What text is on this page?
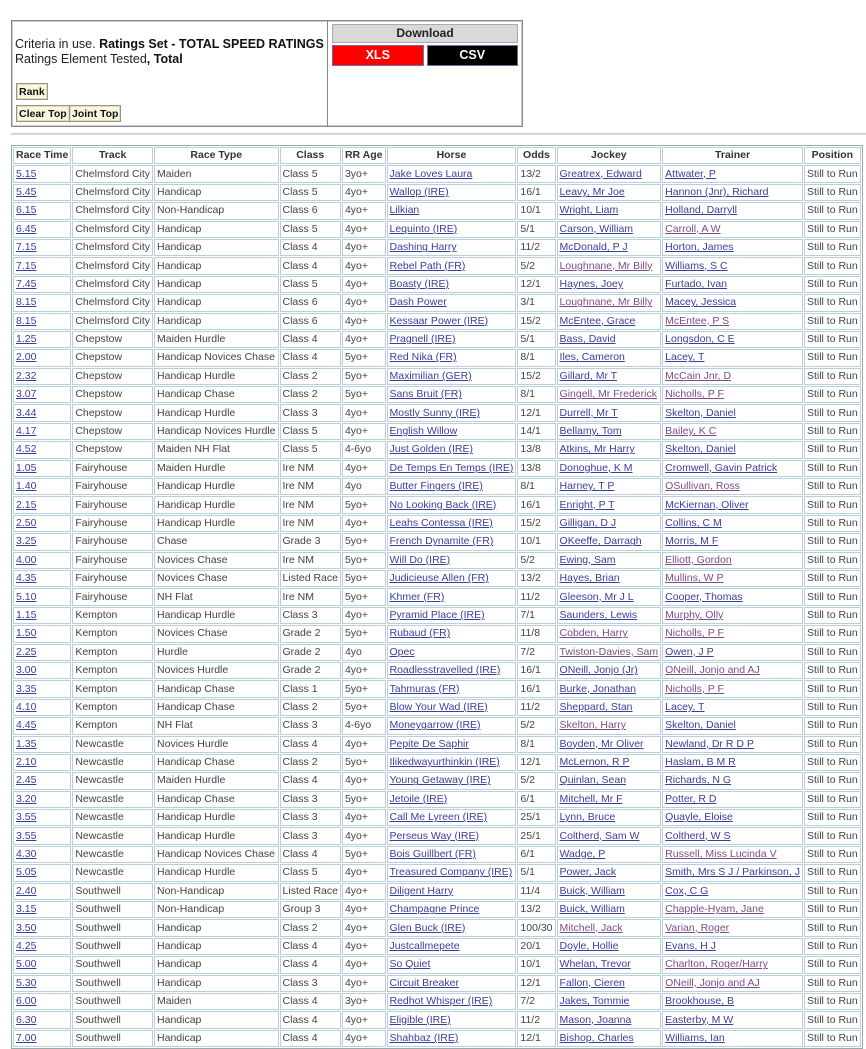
Criteria in use. Ratings Set - TOTAL SPEED RATINGS
Ratings Element Tested, Total
Rank
Clear Top Joint Top
Download
XLS	CSV
Race Time	Track	Race Type	Class	RR Age	Horse	Odds	Jockey	Trainer	Position
5.15	Chelmsford City	Maiden	Class 5	3yo+	Jake Loves Laura	13/2	Greatrex, Edward	Attwater, P	Still to Run
5.45	Chelmsford City	Handicap	Class 5	4yo+	Wallop (IRE)	16/1	Leavy, Mr Joe	Hannon (Jnr), Richard	Still to Run
6.15	Chelmsford City	Non-Handicap	Class 6	4yo+	Lilkian	10/1	Wright, Liam	Holland, Darryll	Still to Run
6.45	Chelmsford City	Handicap	Class 5	4yo+	Lequinto (IRE)	5/1	Carson, William	Carroll, A W	Still to Run
7.15	Chelmsford City	Handicap	Class 4	4yo+	Dashing Harry	11/2	McDonald, P J	Horton, James	Still to Run
7.15	Chelmsford City	Handicap	Class 4	4yo+	Rebel Path (FR)	5/2	Loughnane, Mr Billy	Williams, S C	Still to Run
7.45	Chelmsford City	Handicap	Class 5	4yo+	Boasty (IRE)	12/1	Haynes, Joey	Furtado, Ivan	Still to Run
8.15	Chelmsford City	Handicap	Class 6	4yo+	Dash Power	3/1	Loughnane, Mr Billy	Macey, Jessica	Still to Run
8.15	Chelmsford City	Handicap	Class 6	4yo+	Kessaar Power (IRE)	15/2	McEntee, Grace	McEntee, P S	Still to Run
1.25	Chepstow	Maiden Hurdle	Class 4	4yo+	Pragnell (IRE)	5/1	Bass, David	Longsdon, C E	Still to Run
2.00	Chepstow	Handicap Novices Chase	Class 4	5yo+	Red Nika (FR)	8/1	Iles, Cameron	Lacey, T	Still to Run
2.32	Chepstow	Handicap Hurdle	Class 2	5yo+	Maximilian (GER)	15/2	Gillard, Mr T	McCain Jnr, D	Still to Run
3.07	Chepstow	Handicap Chase	Class 2	5yo+	Sans Bruit (FR)	8/1	Gingell, Mr Frederick	Nicholls, P F	Still to Run
3.44	Chepstow	Handicap Hurdle	Class 3	4yo+	Mostly Sunny (IRE)	12/1	Durrell, Mr T	Skelton, Daniel	Still to Run
4.17	Chepstow	Handicap Novices Hurdle	Class 5	4yo+	English Willow	14/1	Bellamy, Tom	Bailey, K C	Still to Run
4.52	Chepstow	Maiden NH Flat	Class 5	4-6yo	Just Golden (IRE)	13/8	Atkins, Mr Harry	Skelton, Daniel	Still to Run
1.05	Fairyhouse	Maiden Hurdle	Ire NM	4yo+	De Temps En Temps (IRE)	13/8	Donoghue, K M	Cromwell, Gavin Patrick	Still to Run
1.40	Fairyhouse	Handicap Hurdle	Ire NM	4yo	Butter Fingers (IRE)	8/1	Harney, T P	OSullivan, Ross	Still to Run
2.15	Fairyhouse	Handicap Hurdle	Ire NM	5yo+	No Looking Back (IRE)	16/1	Enright, P T	McKiernan, Oliver	Still to Run
2.50	Fairyhouse	Handicap Hurdle	Ire NM	4yo+	Leahs Contessa (IRE)	15/2	Gilligan, D J	Collins, C M	Still to Run
3.25	Fairyhouse	Chase	Grade 3	5yo+	French Dynamite (FR)	10/1	OKeeffe, Darragh	Morris, M F	Still to Run
4.00	Fairyhouse	Novices Chase	Ire NM	5yo+	Will Do (IRE)	5/2	Ewing, Sam	Elliott, Gordon	Still to Run
4.35	Fairyhouse	Novices Chase	Listed Race	5yo+	Judicieuse Allen (FR)	13/2	Hayes, Brian	Mullins, W P	Still to Run
5.10	Fairyhouse	NH Flat	Ire NM	5yo+	Khmer (FR)	11/2	Gleeson, Mr J L	Cooper, Thomas	Still to Run
1.15	Kempton	Handicap Hurdle	Class 3	4yo+	Pyramid Place (IRE)	7/1	Saunders, Lewis	Murphy, Olly	Still to Run
1.50	Kempton	Novices Chase	Grade 2	5yo+	Rubaud (FR)	11/8	Cobden, Harry	Nicholls, P F	Still to Run
2.25	Kempton	Hurdle	Grade 2	4yo	Opec	7/2	Twiston-Davies, Sam	Owen, J P	Still to Run
3.00	Kempton	Novices Hurdle	Grade 2	4yo+	Roadlesstravelled (IRE)	16/1	ONeill, Jonjo (Jr)	ONeill, Jonjo and AJ	Still to Run
3.35	Kempton	Handicap Chase	Class 1	5yo+	Tahmuras (FR)	16/1	Burke, Jonathan	Nicholls, P F	Still to Run
4.10	Kempton	Handicap Chase	Class 2	5yo+	Blow Your Wad (IRE)	11/2	Sheppard, Stan	Lacey, T	Still to Run
4.45	Kempton	NH Flat	Class 3	4-6yo	Moneygarrow (IRE)	5/2	Skelton, Harry	Skelton, Daniel	Still to Run
1.35	Newcastle	Novices Hurdle	Class 4	4yo+	Pepite De Saphir	8/1	Boyden, Mr Oliver	Newland, Dr R D P	Still to Run
2.10	Newcastle	Handicap Chase	Class 2	5yo+	Ilikedwayurthinkin (IRE)	12/1	McLernon, R P	Haslam, B M R	Still to Run
2.45	Newcastle	Maiden Hurdle	Class 4	4yo+	Young Getaway (IRE)	5/2	Quinlan, Sean	Richards, N G	Still to Run
3.20	Newcastle	Handicap Chase	Class 3	5yo+	Jetoile (IRE)	6/1	Mitchell, Mr F	Potter, R D	Still to Run
3.55	Newcastle	Handicap Hurdle	Class 3	4yo+	Call Me Lyreen (IRE)	25/1	Lynn, Bruce	Quayle, Eloise	Still to Run
3.55	Newcastle	Handicap Hurdle	Class 3	4yo+	Perseus Way (IRE)	25/1	Coltherd, Sam W	Coltherd, W S	Still to Run
4.30	Newcastle	Handicap Novices Chase	Class 4	5yo+	Bois Guillbert (FR)	6/1	Wadge, P	Russell, Miss Lucinda V	Still to Run
5.05	Newcastle	Handicap Hurdle	Class 5	4yo+	Treasured Company (IRE)	5/1	Power, Jack	Smith, Mrs S J / Parkinson, J	Still to Run
2.40	Southwell	Non-Handicap	Listed Race	4yo+	Diligent Harry	11/4	Buick, William	Cox, C G	Still to Run
3.15	Southwell	Non-Handicap	Group 3	4yo+	Champagne Prince	13/2	Buick, William	Chapple-Hyam, Jane	Still to Run
3.50	Southwell	Handicap	Class 2	4yo+	Glen Buck (IRE)	100/30	Mitchell, Jack	Varian, Roger	Still to Run
4.25	Southwell	Handicap	Class 4	4yo+	Justcallmepete	20/1	Doyle, Hollie	Evans, H J	Still to Run
5.00	Southwell	Handicap	Class 4	4yo+	So Quiet	10/1	Whelan, Trevor	Charlton, Roger/Harry	Still to Run
5.30	Southwell	Handicap	Class 3	4yo+	Circuit Breaker	12/1	Fallon, Cieren	ONeill, Jonjo and AJ	Still to Run
6.00	Southwell	Maiden	Class 4	3yo+	Redhot Whisper (IRE)	7/2	Jakes, Tommie	Brookhouse, B	Still to Run
6.30	Southwell	Handicap	Class 4	4yo+	Eligible (IRE)	11/2	Mason, Joanna	Easterby, M W	Still to Run
7.00	Southwell	Handicap	Class 4	4yo+	Shahbaz (IRE)	12/1	Bishop, Charles	Williams, Ian	Still to Run
